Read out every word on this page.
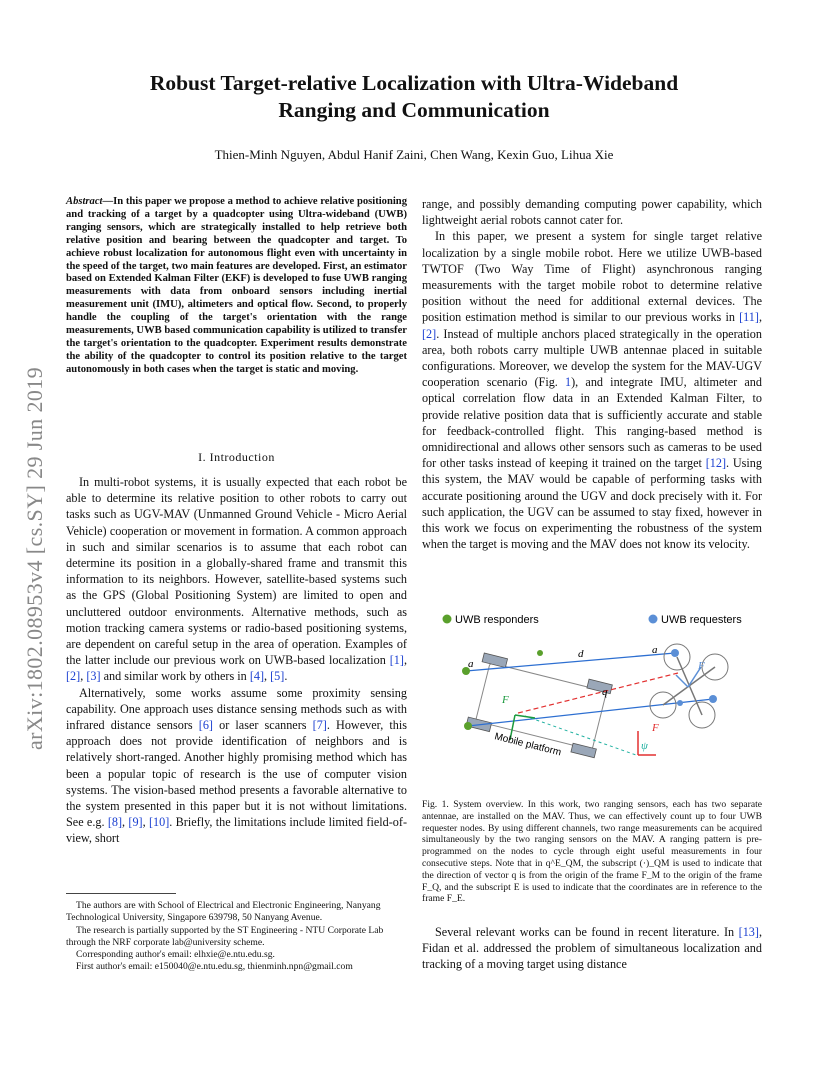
Robust Target-relative Localization with Ultra-Wideband
Ranging and Communication
Thien-Minh Nguyen, Abdul Hanif Zaini, Chen Wang, Kexin Guo, Lihua Xie
arXiv:1802.08953v4 [cs.SY] 29 Jun 2019
Abstract—In this paper we propose a method to achieve relative positioning and tracking of a target by a quadcopter using Ultra-wideband (UWB) ranging sensors, which are strategically installed to help retrieve both relative position and bearing between the quadcopter and target. To achieve robust localization for autonomous flight even with uncertainty in the speed of the target, two main features are developed. First, an estimator based on Extended Kalman Filter (EKF) is developed to fuse UWB ranging measurements with data from onboard sensors including inertial measurement unit (IMU), altimeters and optical flow. Second, to properly handle the coupling of the target's orientation with the range measurements, UWB based communication capability is utilized to transfer the target's orientation to the quadcopter. Experiment results demonstrate the ability of the quadcopter to control its position relative to the target autonomously in both cases when the target is static and moving.
I. Introduction

In multi-robot systems, it is usually expected that each robot be able to determine its relative position to other robots to carry out tasks such as UGV-MAV (Unmanned Ground Vehicle - Micro Aerial Vehicle) cooperation or movement in formation. A common approach in such and similar scenarios is to assume that each robot can determine its position in a globally-shared frame and transmit this information to its neighbors. However, satellite-based systems such as the GPS (Global Positioning System) are limited to open and uncluttered outdoor environments. Alternative methods, such as motion tracking camera systems or radio-based positioning systems, are dependent on careful setup in the area of operation. Examples of the latter include our previous work on UWB-based localization [1], [2], [3] and similar work by others in [4], [5].

Alternatively, some works assume some proximity sensing capability. One approach uses distance sensing methods such as with infrared distance sensors [6] or laser scanners [7]. However, this approach does not provide identification of neighbors and is relatively short-ranged. Another highly promising method which has been a popular topic of research is the use of computer vision systems. The vision-based method presents a favorable alternative to the system presented in this paper but it is not without limitations. See e.g. [8], [9], [10]. Briefly, the limitations include limited field-of-view, short

The authors are with School of Electrical and Electronic Engineering, Nanyang Technological University, Singapore 639798, 50 Nanyang Avenue.
The research is partially supported by the ST Engineering - NTU Corporate Lab through the NRF corporate lab@university scheme.
Corresponding author's email: elhxie@e.ntu.edu.sg.
First author's email: e150040@e.ntu.edu.sg, thienminh.npn@gmail.com

range, and possibly demanding computing power capability, which lightweight aerial robots cannot cater for.

In this paper, we present a system for single target relative localization by a single mobile robot. Here we utilize UWB-based TWTOF (Two Way Time of Flight) asynchronous ranging measurements with the target mobile robot to determine relative position without the need for additional external devices. The position estimation method is similar to our previous works in [11], [2]. Instead of multiple anchors placed strategically in the operation area, both robots carry multiple UWB antennae placed in suitable configurations. Moreover, we develop the system for the MAV-UGV cooperation scenario (Fig. 1), and integrate IMU, altimeter and optical correlation flow data in an Extended Kalman Filter, to provide relative position data that is sufficiently accurate and stable for feedback-controlled flight. This ranging-based method is omnidirectional and allows other sensors such as cameras to be used for other tasks instead of keeping it trained on the target [12]. Using this system, the MAV would be capable of performing tasks with accurate positioning around the UGV and dock precisely with it. For such application, the UGV can be assumed to stay fixed, however in this work we focus on experimenting the robustness of the system when the target is moving and the MAV does not know its velocity.

UWB responders	UWB requesters
a
a
d
q
F
F
F
ψ
Mobile platform
Fig. 1. System overview. In this work, two ranging sensors, each has two separate antennae, are installed on the MAV. Thus, we can effectively count up to four UWB requester nodes. By using different channels, two range measurements can be acquired simultaneously by the two ranging sensors on the MAV. A ranging pattern is pre-programmed on the nodes to cycle through eight useful measurements in four consecutive steps. Note that in q^E_QM, the subscript (·)_QM is used to indicate that the direction of vector q is from the origin of the frame F_M to the origin of the frame F_Q, and the subscript E is used to indicate that the coordinates are in reference to the frame F_E.

Several relevant works can be found in recent literature. In [13], Fidan et al. addressed the problem of simultaneous localization and tracking of a moving target using distance
